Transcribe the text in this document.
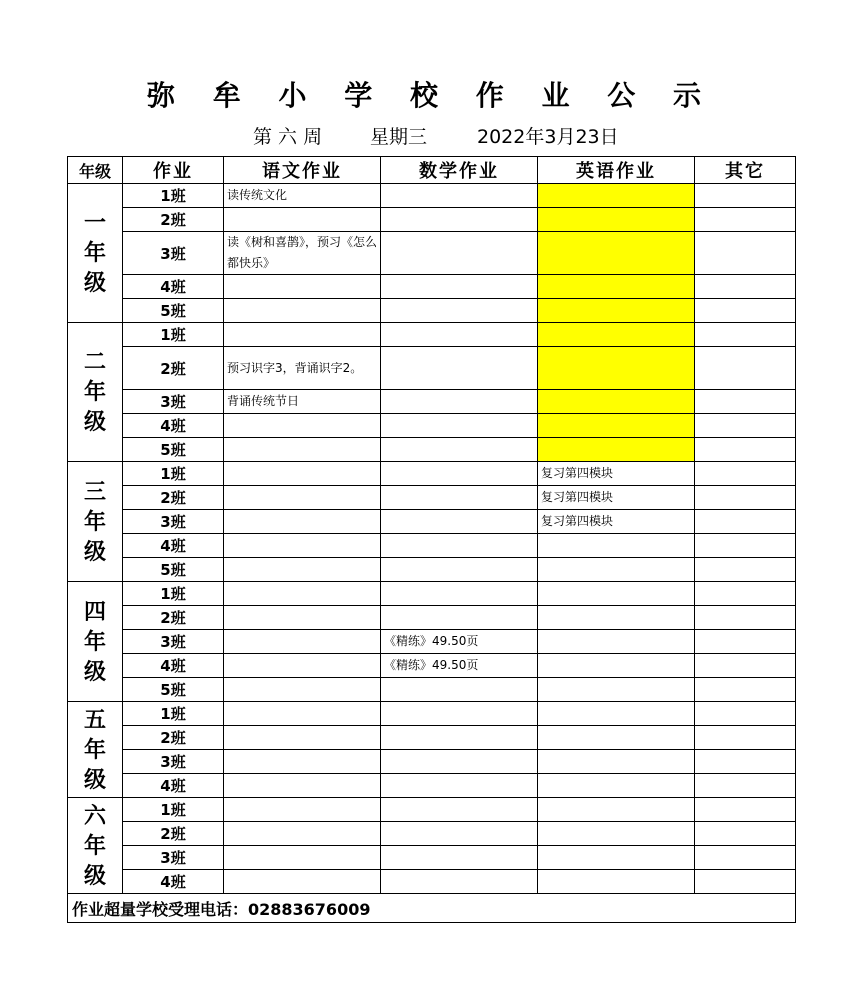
弥 牟 小 学 校 作 业 公 示
第 六 周	星期三	2022年3月23日
年级	作业	语文作业	数学作业	英语作业	其它

一
年
级	1班	读传统文化			
	2班				
	3班	读《树和喜鹊》，预习《怎么都快乐》			
	4班				
	5班				

二
年
级	1班				
	2班	预习识字3，背诵识字2。			
	3班	背诵传统节日			
	4班				
	5班				

三
年
级	1班			复习第四模块	
	2班			复习第四模块	
	3班			复习第四模块	
	4班				
	5班				

四
年
级	1班				
	2班				
	3班		《精练》49.50页		
	4班		《精练》49.50页		
	5班				

五
年
级	1班				
	2班				
	3班				
	4班				

六
年
级	1班				
	2班				
	3班				
	4班				
作业超量学校受理电话：02883676009					
